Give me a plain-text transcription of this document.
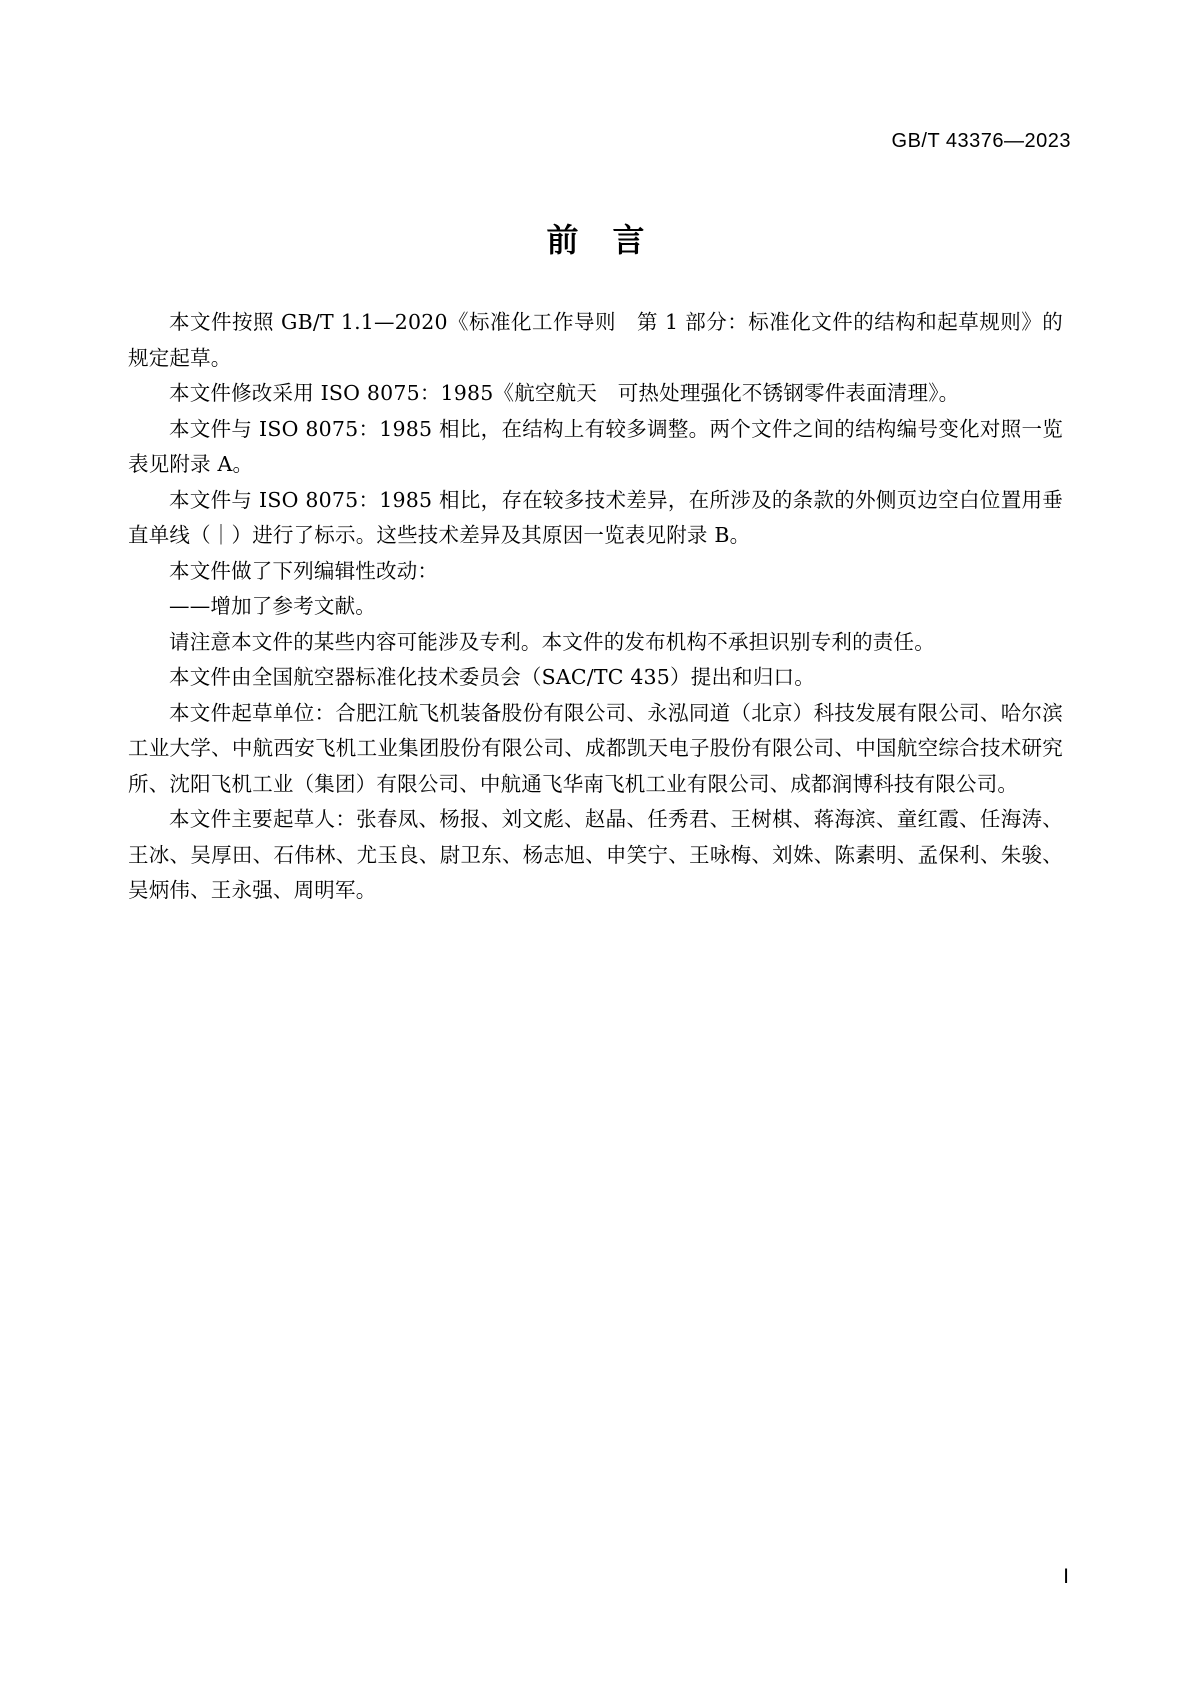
GB/T 43376—2023
前言

本文件按照 GB/T 1.1—2020《标准化工作导则　第 1 部分：标准化文件的结构和起草规则》的规定起草。

本文件修改采用 ISO 8075：1985《航空航天　可热处理强化不锈钢零件表面清理》。

本文件与 ISO 8075：1985 相比，在结构上有较多调整。两个文件之间的结构编号变化对照一览表见附录 A。

本文件与 ISO 8075：1985 相比，存在较多技术差异，在所涉及的条款的外侧页边空白位置用垂直单线（｜）进行了标示。这些技术差异及其原因一览表见附录 B。

本文件做了下列编辑性改动：

——增加了参考文献。

请注意本文件的某些内容可能涉及专利。本文件的发布机构不承担识别专利的责任。

本文件由全国航空器标准化技术委员会（SAC/TC 435）提出和归口。

本文件起草单位：合肥江航飞机装备股份有限公司、永泓同道（北京）科技发展有限公司、哈尔滨工业大学、中航西安飞机工业集团股份有限公司、成都凯天电子股份有限公司、中国航空综合技术研究所、沈阳飞机工业（集团）有限公司、中航通飞华南飞机工业有限公司、成都润博科技有限公司。

本文件主要起草人：张春凤、杨报、刘文彪、赵晶、任秀君、王树棋、蒋海滨、童红霞、任海涛、王冰、吴厚田、石伟林、尤玉良、尉卫东、杨志旭、申笑宁、王咏梅、刘姝、陈素明、孟保利、朱骏、吴炳伟、王永强、周明军。

Ⅰ
